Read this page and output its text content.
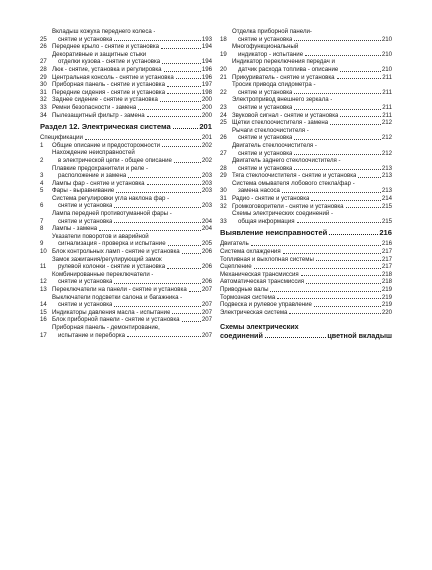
25
Вкладыш кожуха переднего колеса -
снятие и установка	193
26 Переднее крыло - снятие и установка	194
27
Декоративные и защитные стыки
отделки кузова - снятие и установка	194
28 Люк - снятие, установка и регулировка	196
29 Центральная консоль - снятие и установка	196
30 Приборная панель - снятие и установка	197
31 Передние сидения - снятие и установка	198
32 Заднее сидение - снятие и установка	200
33 Ремни безопасности - замена	200
34 Пылезащитный фильтр - замена	200
Раздел 12. Электрическая система	201
Спецификации	201
1	Общие описание и предосторожности	202
2
Нахождение неисправностей
в электрической цепи - общее описание	202
3
Плавкие предохранители и реле -
расположение и замена	203
4	Лампы фар - снятие и установка	203
5	Фары - выравнивание	203
6
Система регулировки угла наклона фар -
снятие и установка	203
7
Лампа передней противотуманной фары -
снятие и установка	204
8	Лампы - замена	204
9
Указатели поворотов и аварийной
сигнализация - проверка и испытание	205
10 Блок контрольных ламп - снятие и установка	206
11
Замок зажигания/регулирующий замок
рулевой колонки - снятие и установка	206
12
Комбинированные переключатели -
снятие и установка	206
13 Переключатели на панели - снятие и установка 207
14
Выключатели подсветки салона и багажника -
снятие и установка	207
15 Индикаторы давления масла - испытание	207
16 Блок приборной панели - снятие и установка	207
17
Приборная панель - демонтирование,
испытание и переборка	207
18
Отделка приборной панели-
снятие и установка	210
19
Многофункциональный
индикатор - испытание	210
20
Индикатор переключения передач и
датчик расхода топлива - описание	210
21 Прикуриватель - снятие и установка	211
22
Тросик привода спидометра -
снятие и установка	211
23
Электропривод внешнего зеркала -
снятие и установка	211
24 Звуковой сигнал - снятие и установка	211
25 Щетки стеклоочистителя - замена	212
26
Рычаги стеклоочистителя -
снятие и установка	212
27
Двигатель стеклоочистителя -
снятие и установка	212
28
Двигатель заднего стеклоочистителя -
снятие и установка	213
29 Тяга стеклоочистителя - снятие и установка	213
30
Система омывателя лобового стекла/фар -
замена насоса	213
31 Радио - снятие и установка	214
32 Громкоговорители - снятие и установка	215
33
Схемы электрических соединений -
общая информация	215
Выявление неисправностей	216
Двигатель	216
Система охлаждения	217
Топливная и выхлопная системы	217
Сцепление	217
Механическая трансмиссия	218
Автоматическая трансмиссия	218
Приводные валы	219
Тормозная система	219
Подвеска и рулевое управление	219
Электрическая система	220
Схемы электрических
соединений	цветной вкладыш
